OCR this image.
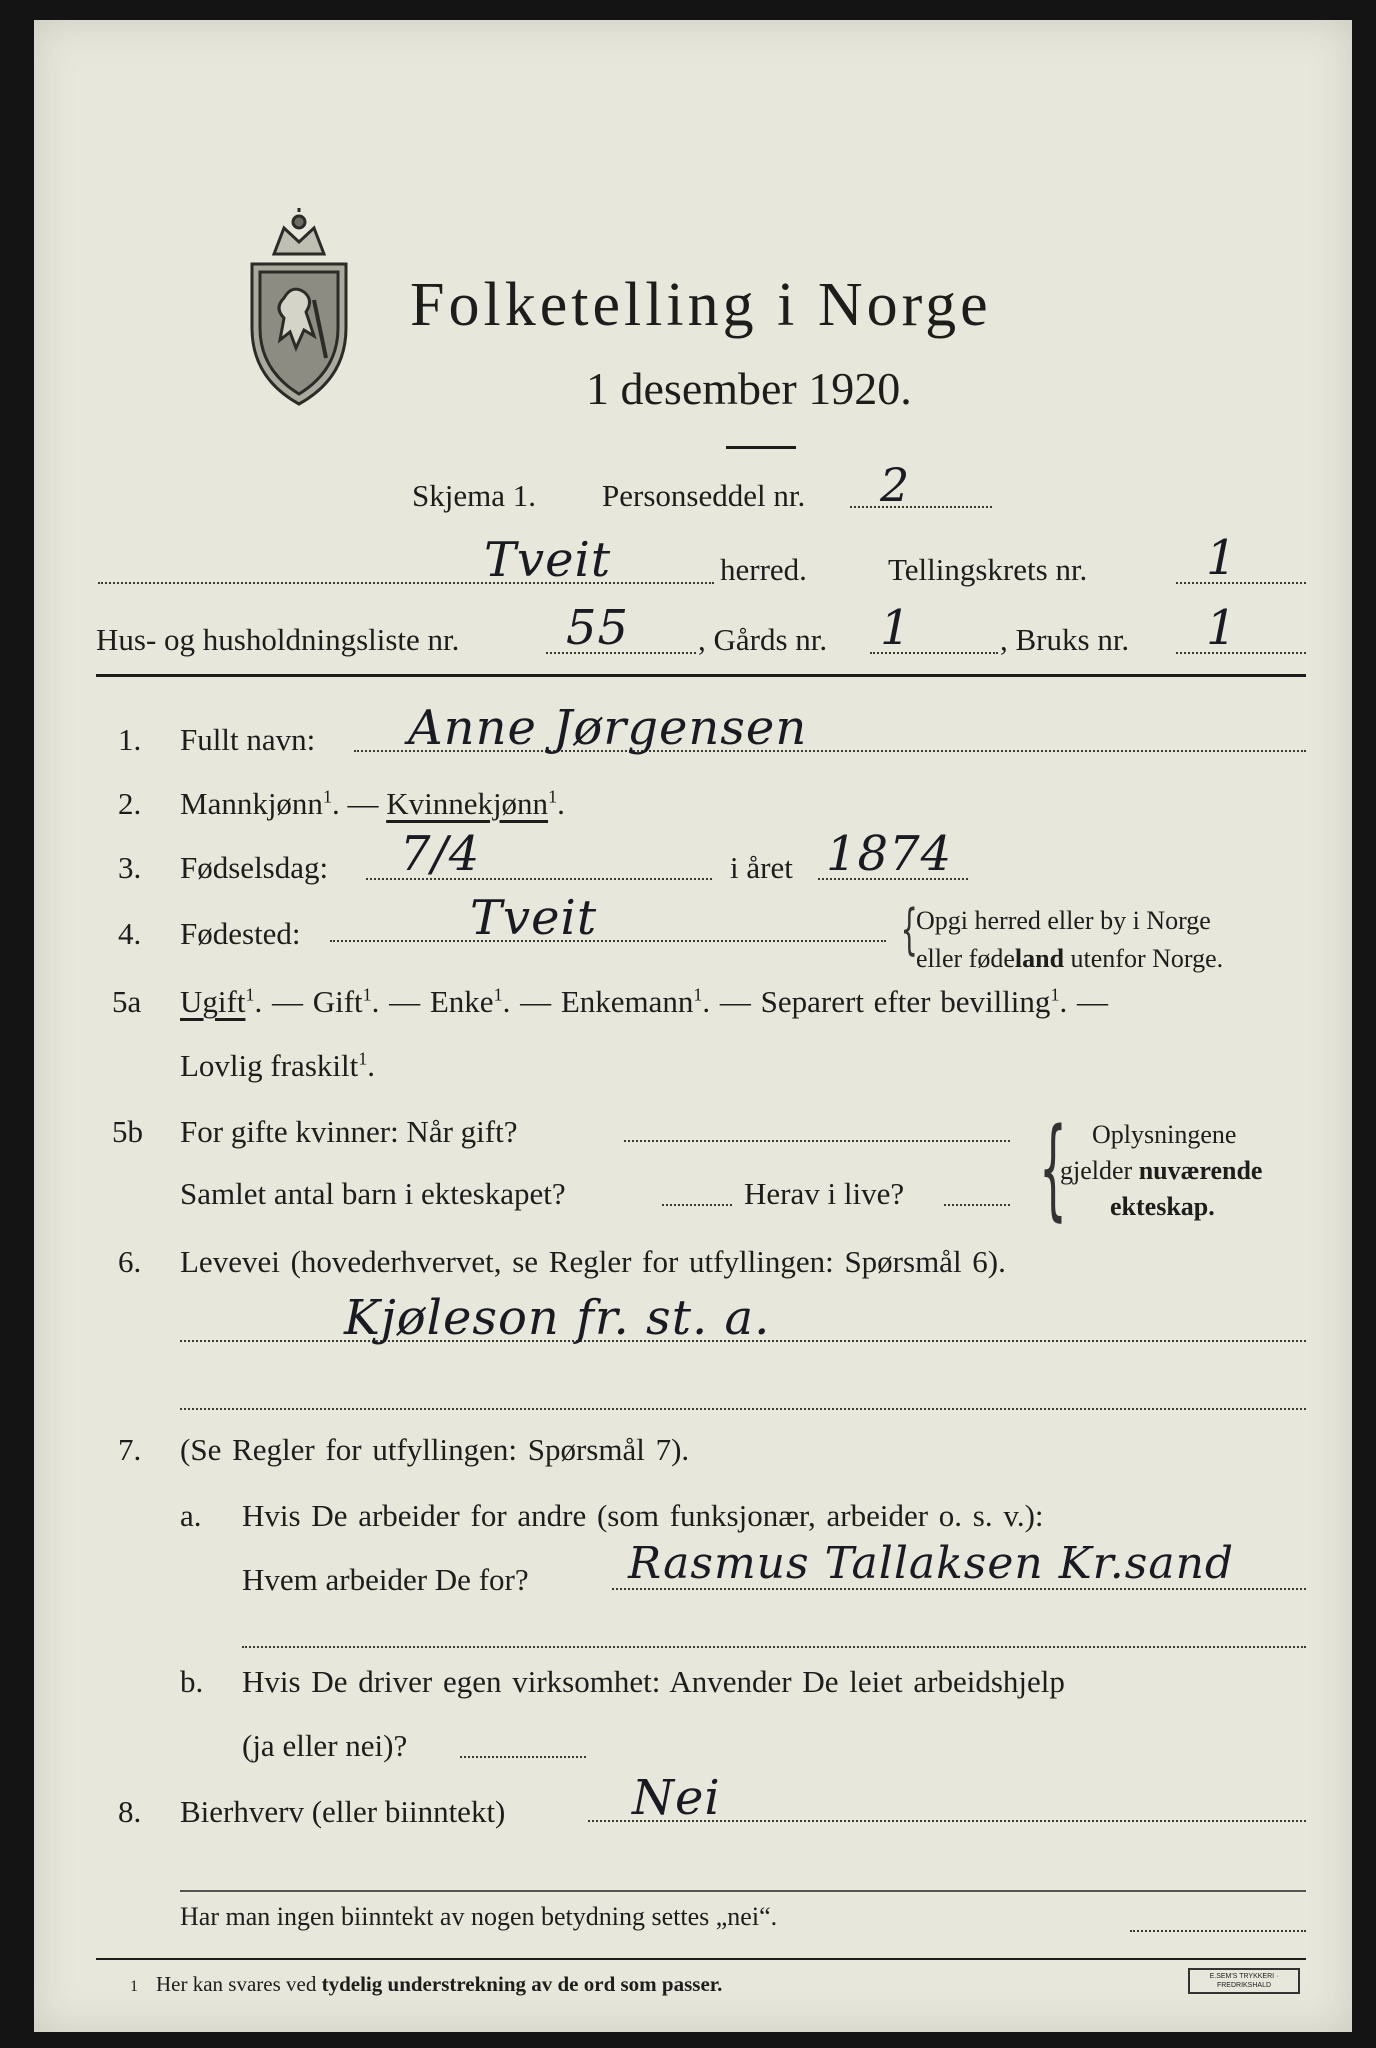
Folketelling i Norge
1 desember 1920.
Skjema 1. Personseddel nr. 2
Tveit	herred.	Tellingskrets nr. 1
Hus- og husholdningsliste nr. 55 , Gårds nr. 1	, Bruks nr. 1
1. Fullt navn: Anne Jørgensen
2. Mannkjønn$^1$. — Kvinnekjønn$^1$.
3. Fødselsdag: 7/4	i året 1874
4. Fødested:	Tveit	{
Opgi herred eller by i Norge
eller fødeland utenfor Norge.
5a Ugift$^1$. — Gift$^1$. — Enke$^1$. — Enkemann$^1$. — Separert efter bevilling$^1$. —
Lovlig fraskilt$^1$.
5b For gifte kvinner: Når gift?
Samlet antal barn i ekteskapet?	Herav i live? { Oplysningene
gjelder nuværende
ekteskap.
6. Levevei (hovederhvervet, se Regler for utfyllingen: Spørsmål 6).
Kjøleson fr. st. a.
7. (Se Regler for utfyllingen: Spørsmål 7).
a. Hvis De arbeider for andre (som funksjonær, arbeider o. s. v.):
Hvem arbeider De for? Rasmus Tallaksen Kr.sand
b. Hvis De driver egen virksomhet: Anvender De leiet arbeidshjelp
(ja eller nei)?
8. Bierhverv (eller biinntekt)	Nei
Har man ingen biinntekt av nogen betydning settes „nei“.
1 Her kan svares ved tydelig understrekning av de ord som passer.	E.SEM'S TRYKKERI · FREDRIKSHALD
